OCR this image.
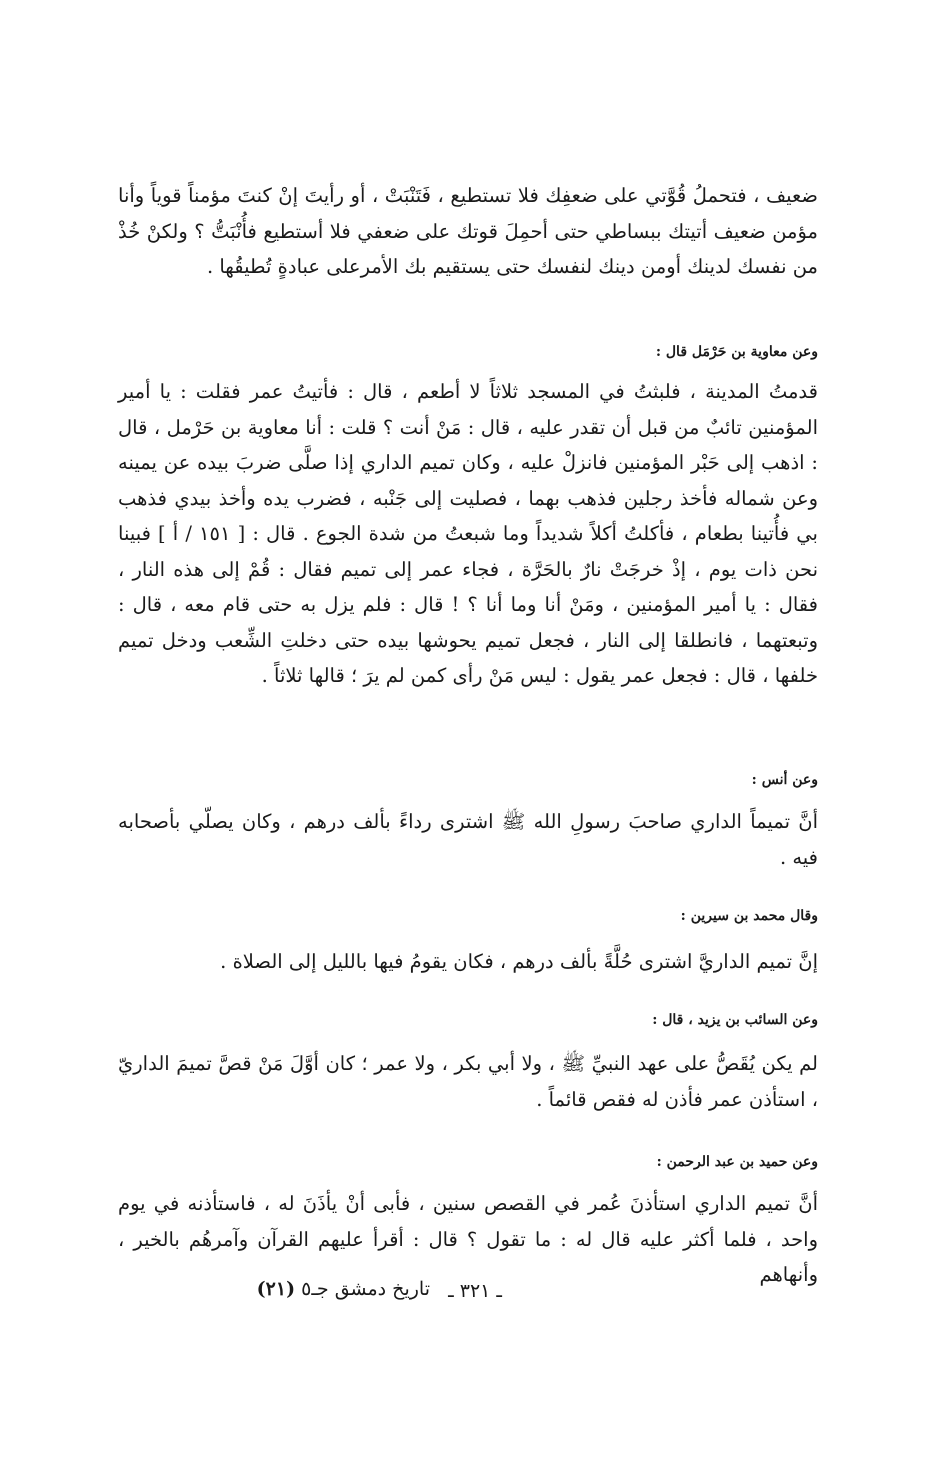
ضعيف ، فتحملُ قُوَّتي على ضعفِك فلا تستطيع ، فَتَنْبَتْ ، أو رأيتَ إنْ كنتَ مؤمناً قوياً وأنا مؤمن ضعيف أتيتك ببساطي حتى أحمِلَ قوتك على ضعفي فلا أستطيع فأُنْبَتُّ ؟ ولكنْ خُذْ من نفسك لدينك أومن دينك لنفسك حتى يستقيم بك الأمرعلى عبادةٍ تُطيقُها .

وعن معاوية بن حَرْمَل قال :

قدمتُ المدينة ، فلبثتُ في المسجد ثلاثاً لا أطعم ، قال : فأتيتُ عمر فقلت : يا أمير المؤمنين تائبٌ من قبل أن تقدر عليه ، قال : مَنْ أنت ؟ قلت : أنا معاوية بن حَرْمل ، قال : اذهب إلى حَبْر المؤمنين فانزلْ عليه ، وكان تميم الداري إذا صلَّى ضربَ بيده عن يمينه وعن شماله فأخذ رجلين فذهب بهما ، فصليت إلى جَنْبه ، فضرب يده وأخذ بيدي فذهب بي فأُتينا بطعام ، فأكلتُ أكلاً شديداً وما شبعتُ من شدة الجوع . قال : [ ١٥١ / أ ] فبينا نحن ذات يوم ، إذْ خرجَتْ نارٌ بالحَرَّة ، فجاء عمر إلى تميم فقال : قُمْ إلى هذه النار ، فقال : يا أمير المؤمنين ، ومَنْ أنا وما أنا ؟ ! قال : فلم يزل به حتى قام معه ، قال : وتبعتهما ، فانطلقا إلى النار ، فجعل تميم يحوشها بيده حتى دخلتِ الشِّعب ودخل تميم خلفها ، قال : فجعل عمر يقول : ليس مَنْ رأى كمن لم يرَ ؛ قالها ثلاثاً .

وعن أنس :

أنَّ تميماً الداري صاحبَ رسولِ الله ﷺ اشترى رداءً بألف درهم ، وكان يصلّي بأصحابه فيه .

وقال محمد بن سيرين :

إنَّ تميم الداريَّ اشترى حُلَّةً بألف درهم ، فكان يقومُ فيها بالليل إلى الصلاة .

وعن السائب بن يزيد ، قال :

لم يكن يُقَصُّ على عهد النبيِّ ﷺ ، ولا أبي بكر ، ولا عمر ؛ كان أوَّلَ مَنْ قصَّ تميمَ الداريّ ، استأذن عمر فأذن له فقص قائماً .

وعن حميد بن عبد الرحمن :

أنَّ تميم الداري استأذنَ عُمر في القصص سنين ، فأبى أنْ يأذَنَ له ، فاستأذنه في يوم واحد ، فلما أكثر عليه قال له : ما تقول ؟ قال : أقرأ عليهم القرآن وآمرهُم بالخير ، وأنهاهم

تاريخ دمشق جـ٥ (٢١)	ـ ٣٢١ ـ
